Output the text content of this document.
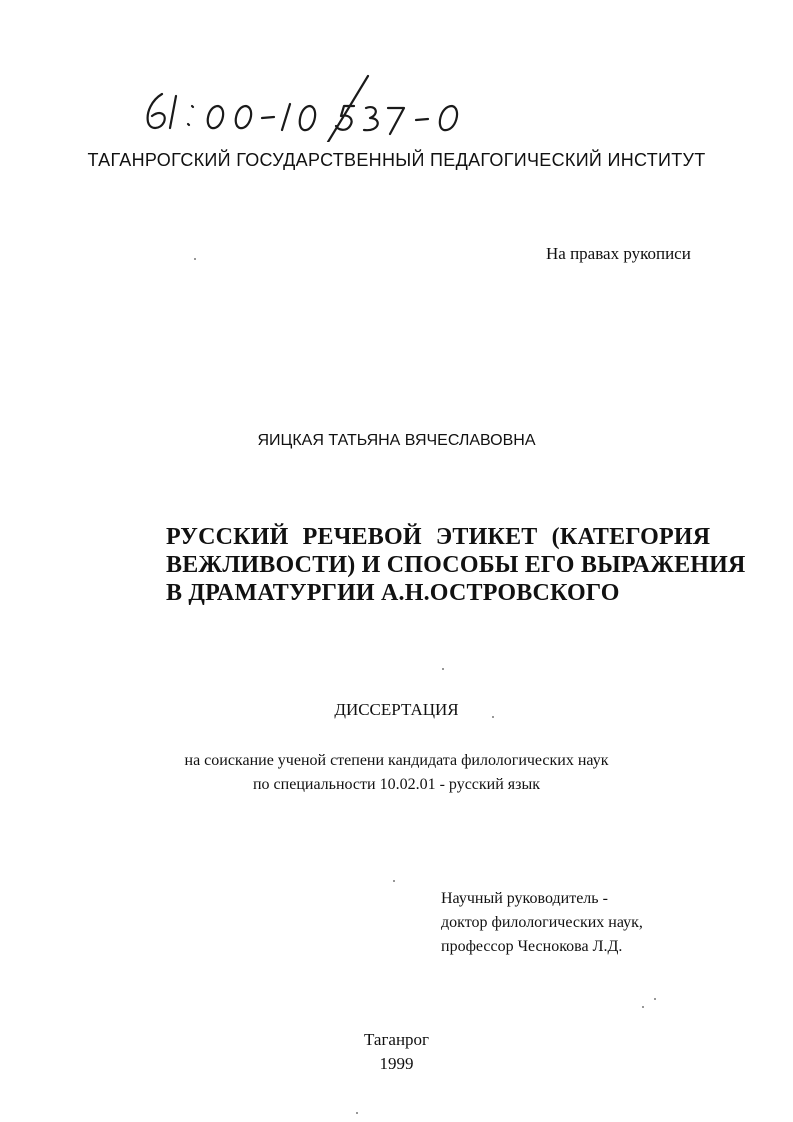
ТАГАНРОГСКИЙ ГОСУДАРСТВЕННЫЙ ПЕДАГОГИЧЕСКИЙ ИНСТИТУТ
На правах рукописи
ЯИЦКАЯ ТАТЬЯНА ВЯЧЕСЛАВОВНА
РУССКИЙ РЕЧЕВОЙ ЭТИКЕТ (КАТЕГОРИЯ
ВЕЖЛИВОСТИ) И СПОСОБЫ ЕГО ВЫРАЖЕНИЯ
В ДРАМАТУРГИИ А.Н.ОСТРОВСКОГО
ДИССЕРТАЦИЯ
на соискание ученой степени кандидата филологических наук
по специальности 10.02.01 - русский язык
Научный руководитель -
доктор филологических наук,
профессор Чеснокова Л.Д.
Таганрог
1999
